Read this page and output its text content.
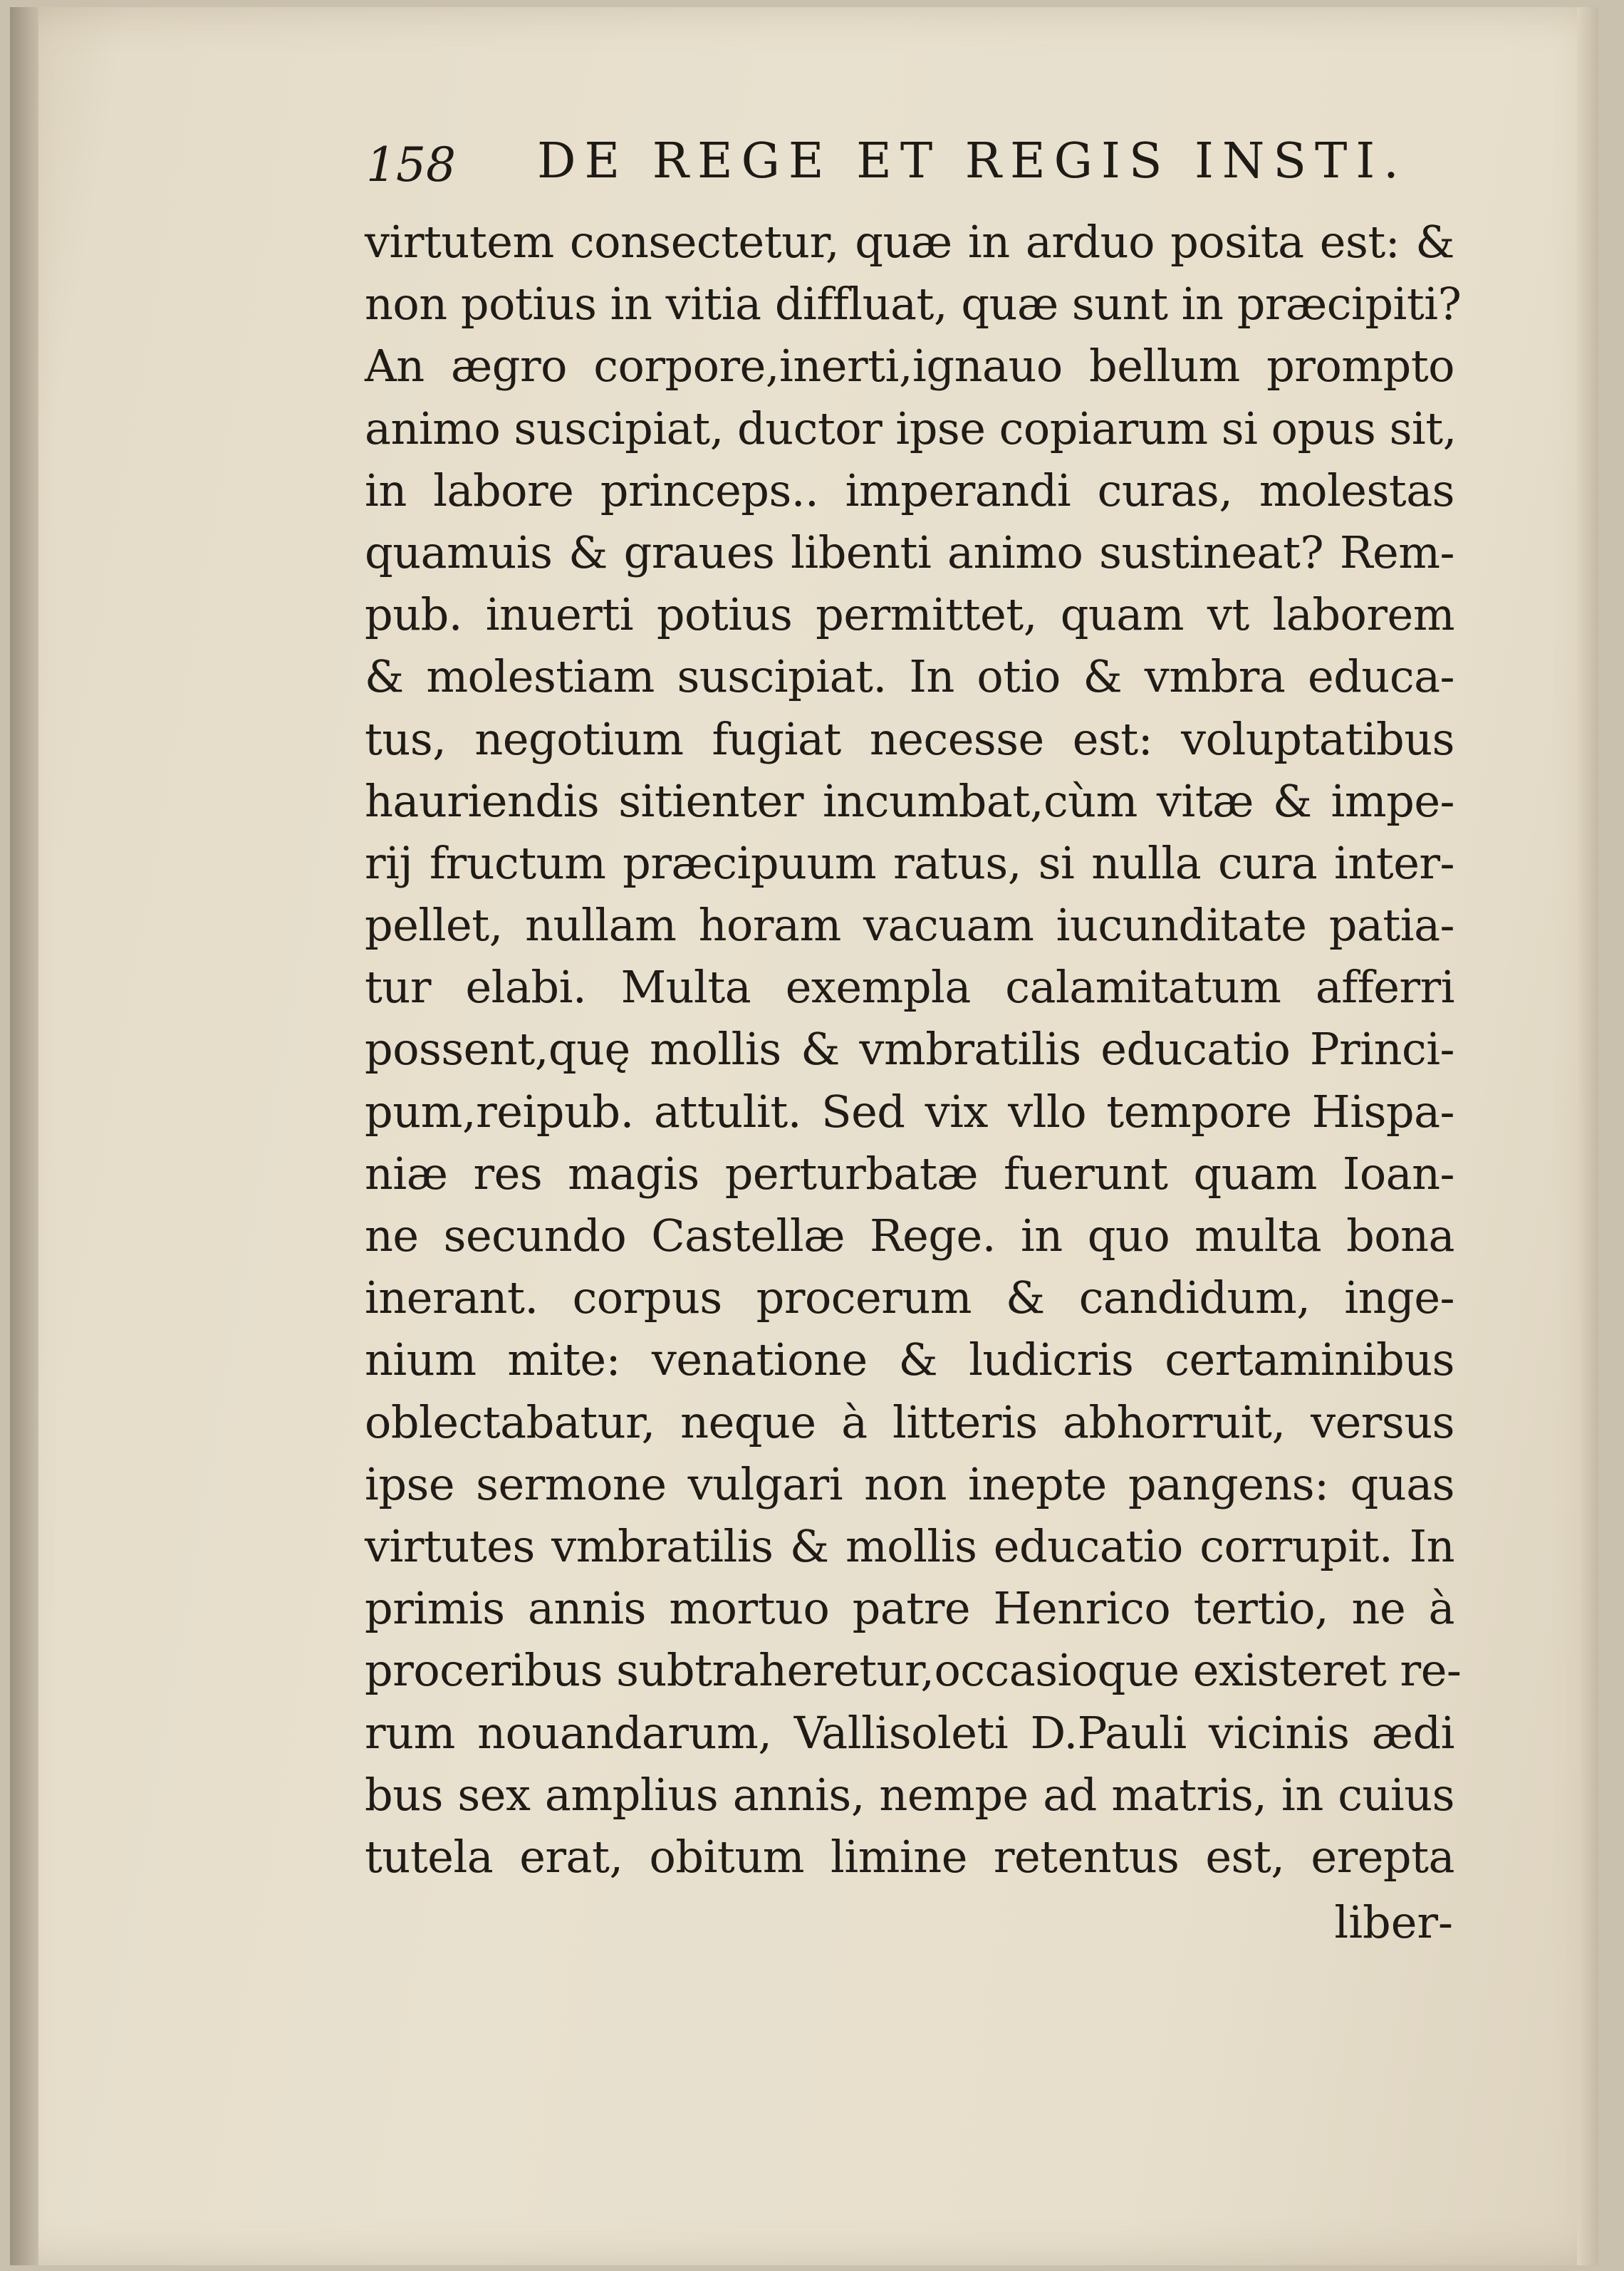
158 DE REGE ET REGIS INSTI.
virtutem consectetur, quæ in arduo posita est: &
non potius in vitia diffluat, quæ sunt in præcipiti?
An ægro corpore,inerti,ignauo bellum prompto
animo suscipiat, ductor ipse copiarum si opus sit,
in labore princeps.. imperandi curas, molestas
quamuis & graues libenti animo sustineat? Rem-
pub. inuerti potius permittet, quam vt laborem
& molestiam suscipiat. In otio & vmbra educa-
tus, negotium fugiat necesse est: voluptatibus
hauriendis sitienter incumbat,cùm vitæ & impe-
rij fructum præcipuum ratus, si nulla cura inter-
pellet, nullam horam vacuam iucunditate patia-
tur elabi. Multa exempla calamitatum afferri
possent,quę mollis & vmbratilis educatio Princi-
pum,reipub. attulit. Sed vix vllo tempore Hispa-
niæ res magis perturbatæ fuerunt quam Ioan-
ne secundo Castellæ Rege. in quo multa bona
inerant. corpus procerum & candidum, inge-
nium mite: venatione & ludicris certaminibus
oblectabatur, neque à litteris abhorruit, versus
ipse sermone vulgari non inepte pangens: quas
virtutes vmbratilis & mollis educatio corrupit. In
primis annis mortuo patre Henrico tertio, ne à
proceribus subtraheretur,occasioque existeret re-
rum nouandarum, Vallisoleti D.Pauli vicinis ædi
bus sex amplius annis, nempe ad matris, in cuius
tutela erat, obitum limine retentus est, erepta
liber-
